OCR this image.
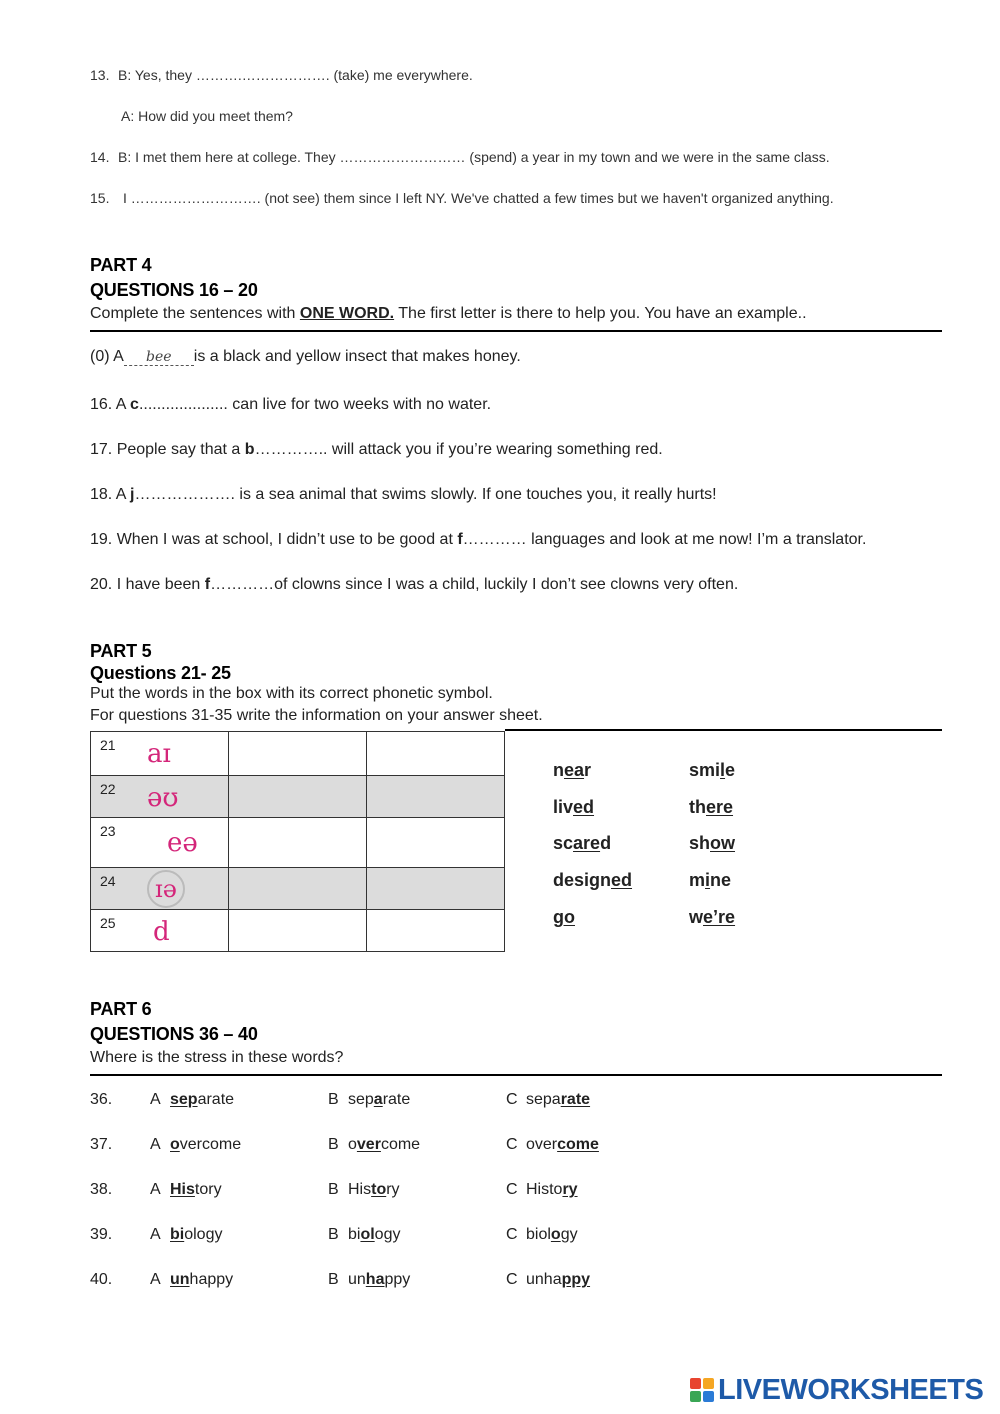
13. B: Yes, they ……….………………. (take) me everywhere.
A: How did you meet them?
14. B: I met them here at college. They ……………………… (spend) a year in my town and we were in the same class.
15. I ………………………. (not see) them since I left NY. We've chatted a few times but we haven't organized anything.
PART 4
QUESTIONS 16 – 20
Complete the sentences with ONE WORD. The first letter is there to help you. You have an example..
(0) A bee is a black and yellow insect that makes honey.
16. A c.................... can live for two weeks with no water.
17. People say that a b………….. will attack you if you’re wearing something red.
18. A j………………. is a sea animal that swims slowly. If one touches you, it really hurts!
19. When I was at school, I didn’t use to be good at f………… languages and look at me now! I’m a translator.
20. I have been f…………of clowns since I was a child, luckily I don’t see clowns very often.
PART 5
Questions 21- 25
Put the words in the box with its correct phonetic symbol.
For questions 31-35 write the information on your answer sheet.
21 aɪ		

22 əʊ		

23 eə		

24 ɪə		

25 d		

near	smile
lived	there
scared	show
designed	mine
go	we’re
PART 6
QUESTIONS 36 – 40
Where is the stress in these words?
36. A separate	B separate	C separate
37. A overcome	B overcome	C overcome
38. A History	B History	C History
39. A biology	B biology	C biology
40. A unhappy	B unhappy	C unhappy
LIVEWORKSHEETS
